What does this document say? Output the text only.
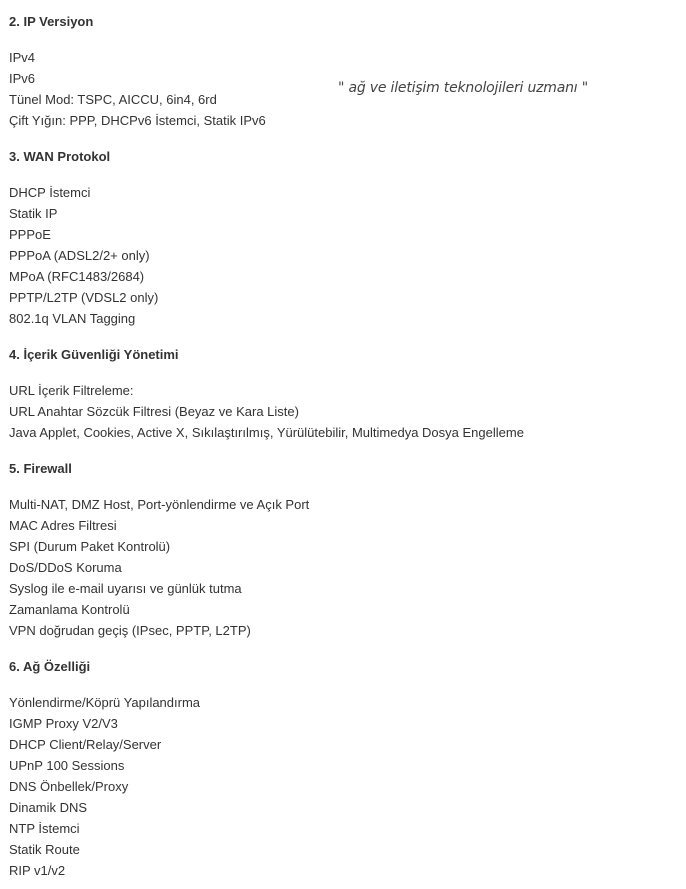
2. IP Versiyon
IPv4
IPv6
Tünel Mod: TSPC, AICCU, 6in4, 6rd
Çift Yığın: PPP, DHCPv6 İstemci, Statik IPv6
3. WAN Protokol
DHCP İstemci
Statik IP
PPPoE
PPPoA (ADSL2/2+ only)
MPoA (RFC1483/2684)
PPTP/L2TP (VDSL2 only)
802.1q VLAN Tagging
4. İçerik Güvenliği Yönetimi
URL İçerik Filtreleme:
URL Anahtar Sözcük Filtresi (Beyaz ve Kara Liste)
Java Applet, Cookies, Active X, Sıkılaştırılmış, Yürülütebilir, Multimedya Dosya Engelleme
5. Firewall
Multi-NAT, DMZ Host, Port-yönlendirme ve Açık Port
MAC Adres Filtresi
SPI (Durum Paket Kontrolü)
DoS/DDoS Koruma
Syslog ile e-mail uyarısı ve günlük tutma
Zamanlama Kontrolü
VPN doğrudan geçiş (IPsec, PPTP, L2TP)
6. Ağ Özelliği
Yönlendirme/Köprü Yapılandırma
IGMP Proxy V2/V3
DHCP Client/Relay/Server
UPnP 100 Sessions
DNS Önbellek/Proxy
Dinamik DNS
NTP İstemci
Statik Route
RIP v1/v2
" ağ ve iletişim teknolojileri uzmanı "
